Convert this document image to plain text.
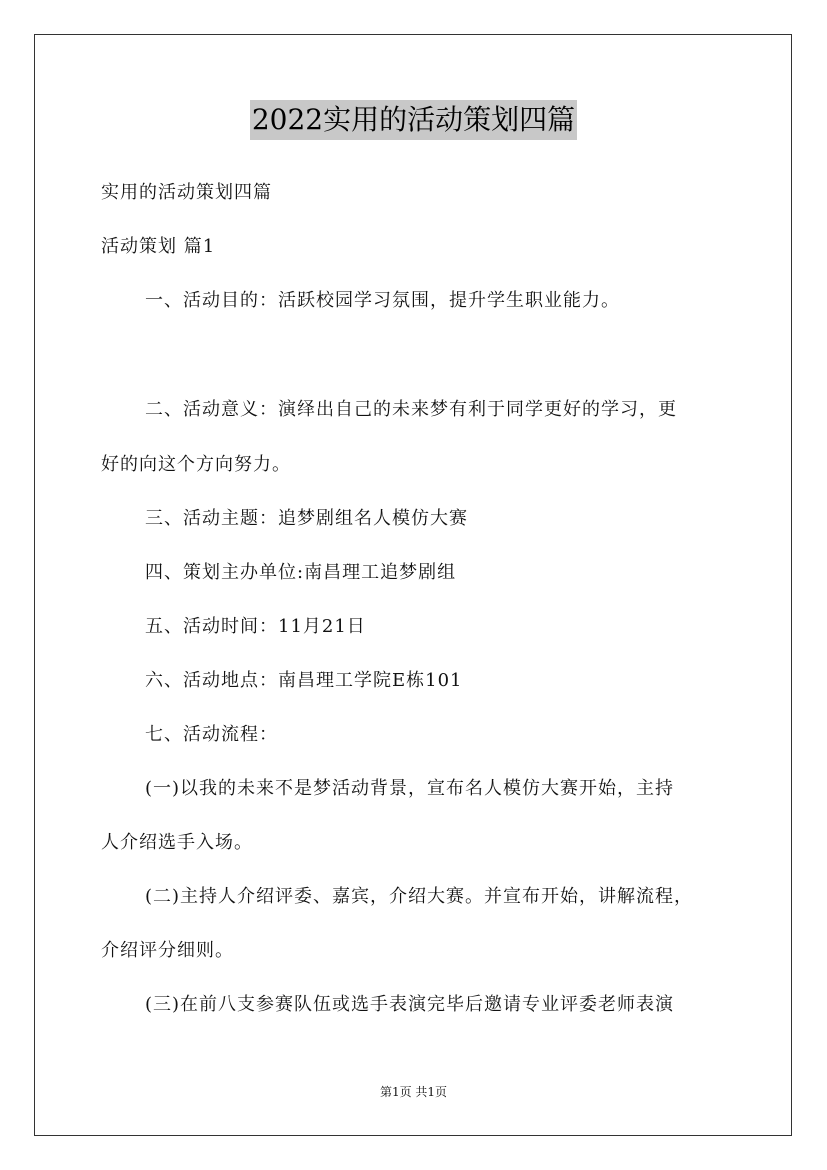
2022实用的活动策划四篇
实用的活动策划四篇
活动策划 篇1
一、活动目的：活跃校园学习氛围，提升学生职业能力。
二、活动意义：演绎出自己的未来梦有利于同学更好的学习，更
好的向这个方向努力。
三、活动主题：追梦剧组名人模仿大赛
四、策划主办单位:南昌理工追梦剧组
五、活动时间：11月21日
六、活动地点：南昌理工学院E栋101
七、活动流程：
(一)以我的未来不是梦活动背景，宣布名人模仿大赛开始，主持
人介绍选手入场。
(二)主持人介绍评委、嘉宾，介绍大赛。并宣布开始，讲解流程，
介绍评分细则。
(三)在前八支参赛队伍或选手表演完毕后邀请专业评委老师表演
第1页 共1页
